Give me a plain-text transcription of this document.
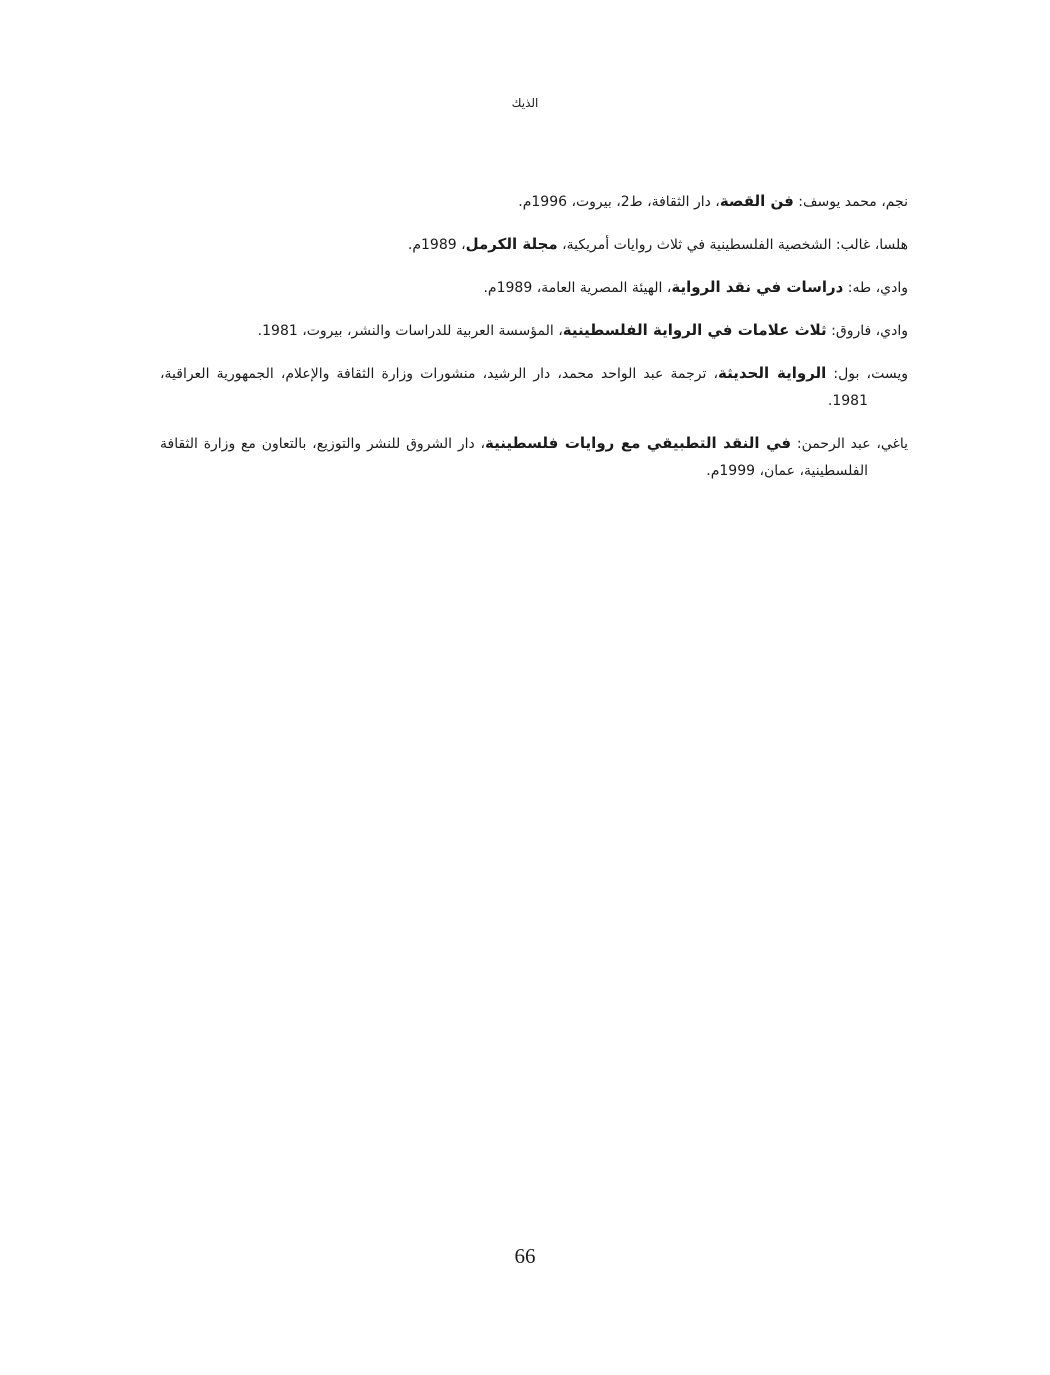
الذيك

نجم، محمد يوسف: فن القصة، دار الثقافة، ط2، بيروت، 1996م.

هلسا، غالب: الشخصية الفلسطينية في ثلاث روايات أمريكية، مجلة الكرمل، 1989م.

وادي، طه: دراسات في نقد الرواية، الهيئة المصرية العامة، 1989م.

وادي، فاروق: ثلاث علامات في الرواية الفلسطينية، المؤسسة العربية للدراسات والنشر، بيروت، 1981.

ويست، بول: الرواية الحديثة، ترجمة عبد الواحد محمد، دار الرشيد، منشورات وزارة الثقافة والإعلام، الجمهورية العراقية، 1981.

ياغي، عبد الرحمن: في النقد التطبيقي مع روايات فلسطينية، دار الشروق للنشر والتوزيع، بالتعاون مع وزارة الثقافة الفلسطينية، عمان، 1999م.

66
